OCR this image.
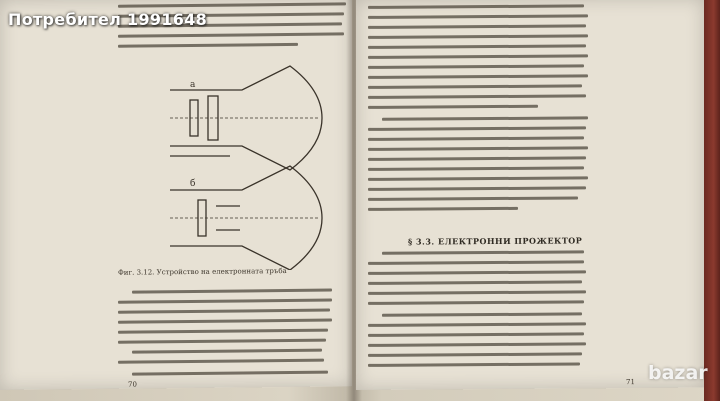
Фиг. 3.12. Устройство на електронната тръба
70
a
б
71
§ 3.3. ЕЛЕКТРОННИ ПРОЖЕКТОР
Потребител 1991648
bazar
